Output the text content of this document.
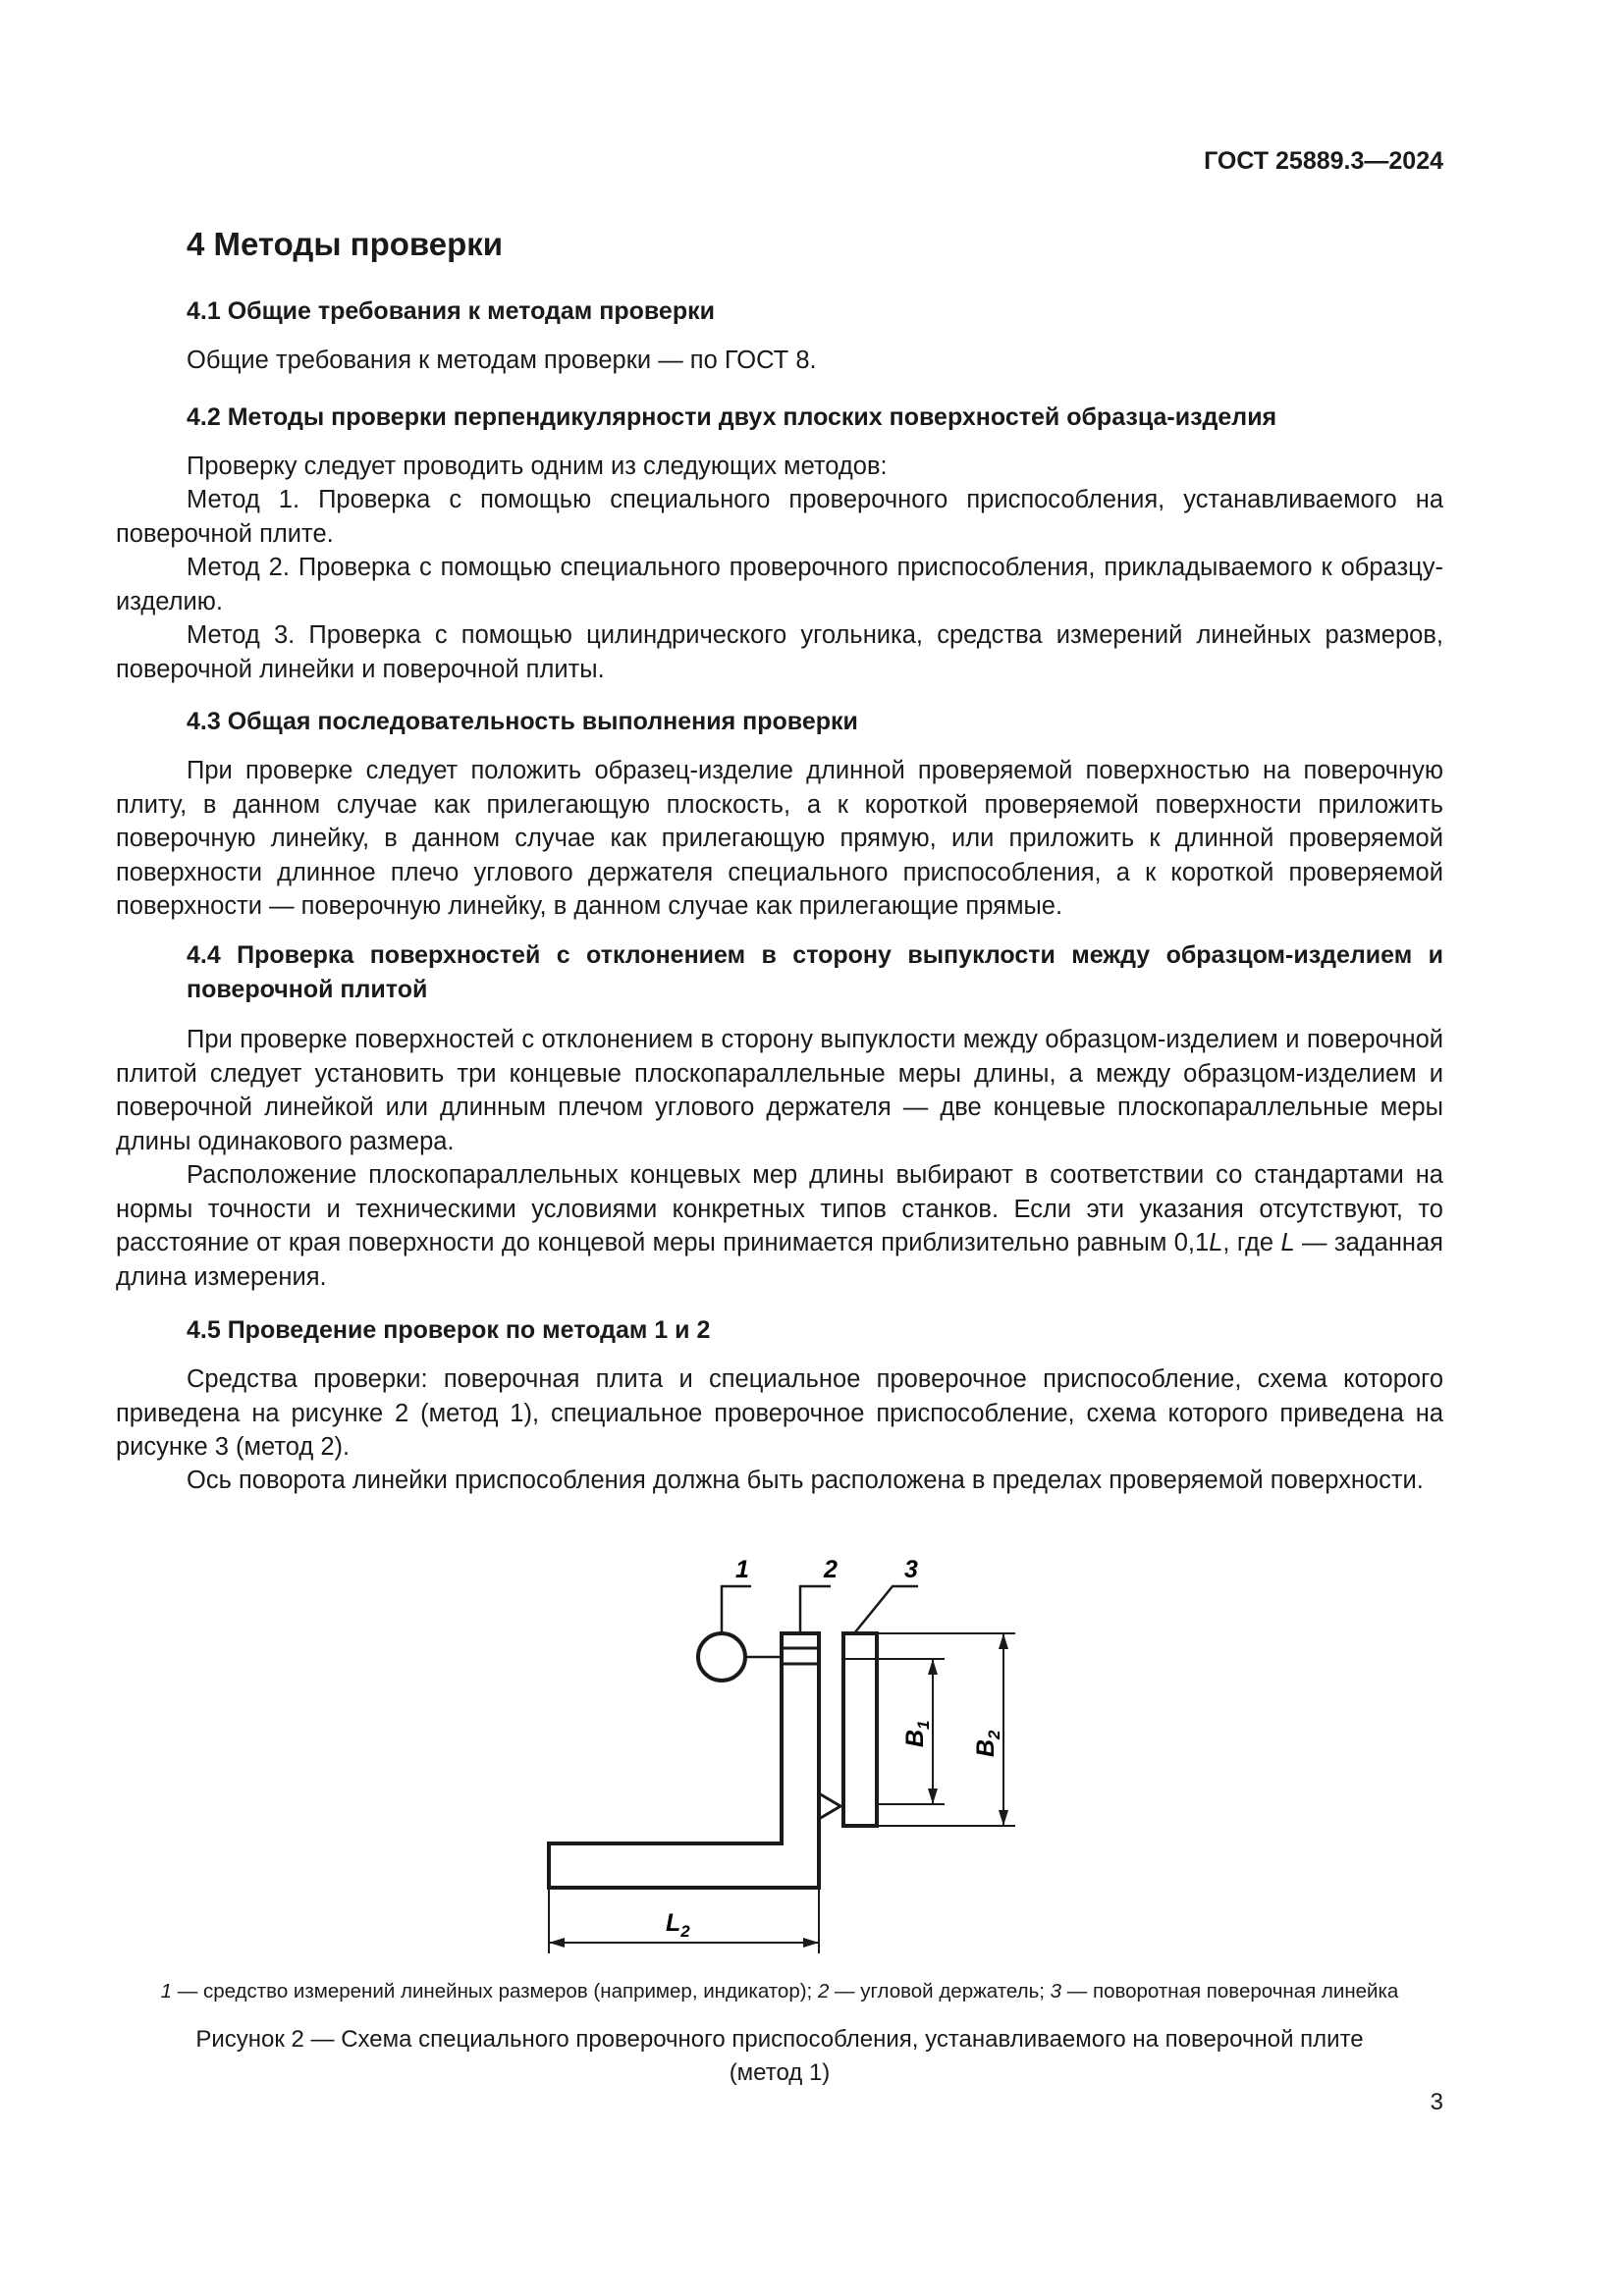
ГОСТ 25889.3—2024
4 Методы проверки
4.1 Общие требования к методам проверки

Общие требования к методам проверки — по ГОСТ 8.

4.2 Методы проверки перпендикулярности двух плоских поверхностей образца-изделия

Проверку следует проводить одним из следующих методов:

Метод 1. Проверка с помощью специального проверочного приспособления, устанавливаемого на поверочной плите.

Метод 2. Проверка с помощью специального проверочного приспособления, прикладываемого к образцу-изделию.

Метод 3. Проверка с помощью цилиндрического угольника, средства измерений линейных размеров, поверочной линейки и поверочной плиты.

4.3 Общая последовательность выполнения проверки

При проверке следует положить образец-изделие длинной проверяемой поверхностью на поверочную плиту, в данном случае как прилегающую плоскость, а к короткой проверяемой поверхности приложить поверочную линейку, в данном случае как прилегающую прямую, или приложить к длинной проверяемой поверхности длинное плечо углового держателя специального приспособления, а к короткой проверяемой поверхности — поверочную линейку, в данном случае как прилегающие прямые.

4.4 Проверка поверхностей с отклонением в сторону выпуклости между образцом-изделием и поверочной плитой

При проверке поверхностей с отклонением в сторону выпуклости между образцом-изделием и поверочной плитой следует установить три концевые плоскопараллельные меры длины, а между образцом-изделием и поверочной линейкой или длинным плечом углового держателя — две концевые плоскопараллельные меры длины одинакового размера.

Расположение плоскопараллельных концевых мер длины выбирают в соответствии со стандартами на нормы точности и техническими условиями конкретных типов станков. Если эти указания отсутствуют, то расстояние от края поверхности до концевой меры принимается приблизительно равным 0,1L, где L — заданная длина измерения.

4.5 Проведение проверок по методам 1 и 2

Средства проверки: поверочная плита и специальное проверочное приспособление, схема которого приведена на рисунке 2 (метод 1), специальное проверочное приспособление, схема которого приведена на рисунке 3 (метод 2).

Ось поворота линейки приспособления должна быть расположена в пределах проверяемой поверхности.

1	2	3
$B_1$
$B_2$
$L_2$
1 — средство измерений линейных размеров (например, индикатор); 2 — угловой держатель; 3 — поворотная поверочная линейка
Рисунок 2 — Схема специального проверочного приспособления, устанавливаемого на поверочной плите
(метод 1)
3
